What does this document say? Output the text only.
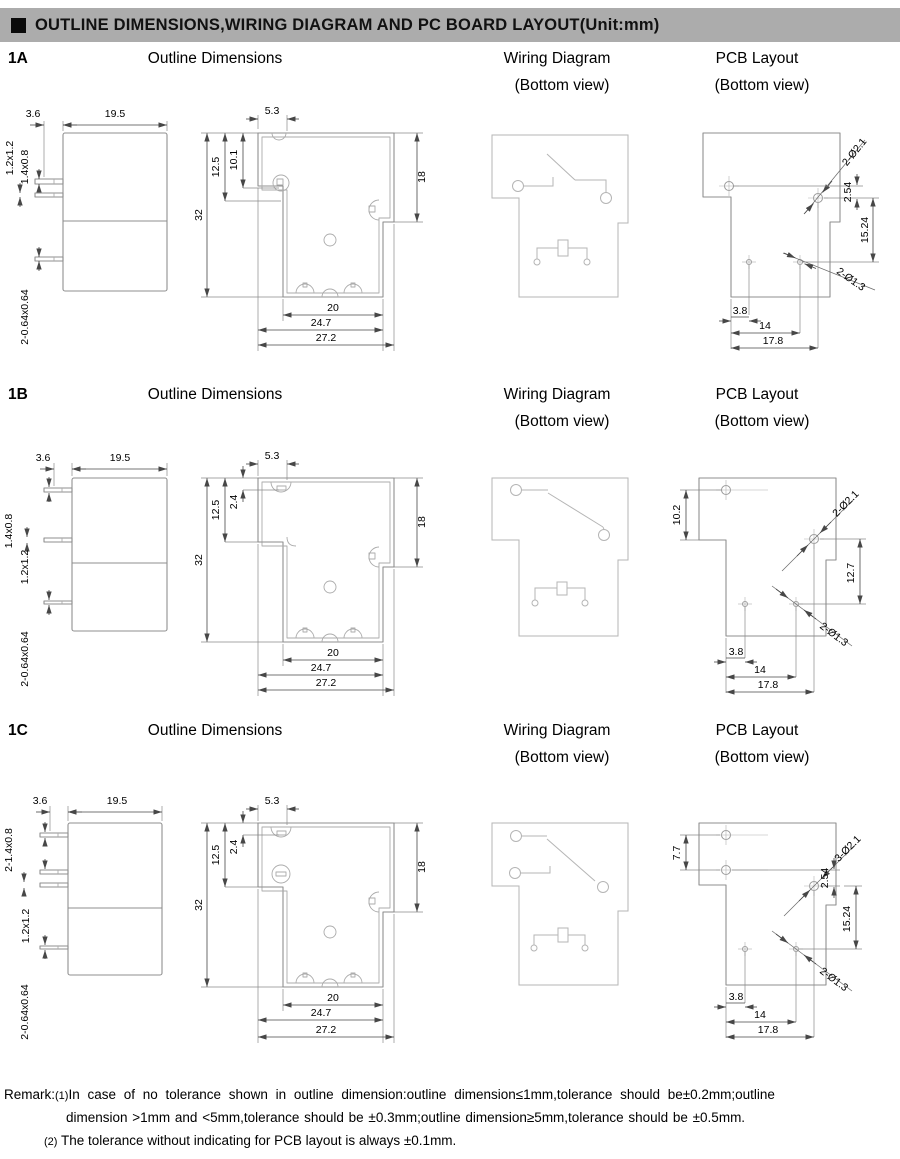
OUTLINE DIMENSIONS,WIRING DIAGRAM AND PC BOARD LAYOUT(Unit:mm)
1A	Outline Dimensions	Wiring Diagram
(Bottom view)
PCB Layout
(Bottom view)
3.6	19.5
1.2x1.2 1.4x0.8
2-0.64x0.64
5.3
12.5 10.1
32
18
20
24.7
27.2
2-Ø2.1
2-Ø1.3
2.54
15.24
3.8
14
17.8
1B	Outline Dimensions	Wiring Diagram
(Bottom view)
PCB Layout
(Bottom view)
3.6	19.5
1.4x0.8
1.2x1.2
2-0.64x0.64
5.3
12.5 2.4
32
18
20
24.7
27.2
10.2	2-Ø2.1
2-Ø1.3
12.7
3.8
14
17.8
1C	Outline Dimensions	Wiring Diagram
(Bottom view)
PCB Layout
(Bottom view)
3.6	19.5
2-1.4x0.8
1.2x1.2
2-0.64x0.64
5.3
12.5 2.4
32
18
20
24.7
27.2
7.7	3-Ø2.1
2.54
15.24
2-Ø1.3
3.8
14
17.8
Remark:(1)In case of no tolerance shown in outline dimension:outline dimension≤1mm,tolerance should be±0.2mm;outline
dimension >1mm and <5mm,tolerance should be ±0.3mm;outline dimension≥5mm,tolerance should be ±0.5mm.
(2) The tolerance without indicating for PCB layout is always ±0.1mm.
